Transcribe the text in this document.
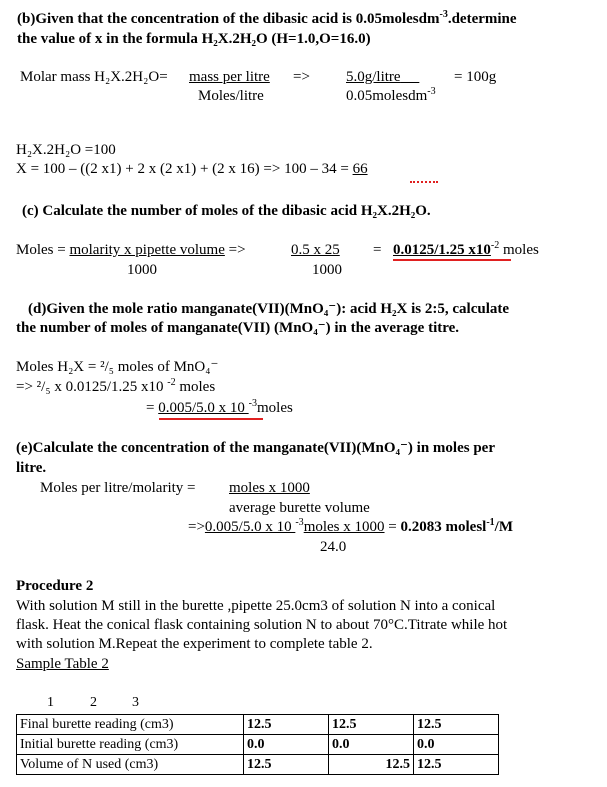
(b)Given that the concentration of the dibasic acid is 0.05molesdm$^{-3}$.determine
the value of x in the formula H₂X.2H₂O (H=1.0,O=16.0)
Molar mass H₂X.2H₂O= mass per litre
Moles/litre
=> 5.0g/litre
0.05molesdm$^{-3}$
= 100g
H₂X.2H₂O =100
X = 100 – ((2 x1) + 2 x (2 x1) + (2 x 16) => 100 – 34 = 66
(c) Calculate the number of moles of the dibasic acid H₂X.2H₂O.
Moles = molarity x pipette volume =>	0.5 x 25
1000	1000
= 0.0125/1.25 $x10^{-2}$ moles
(d)Given the mole ratio manganate(VII)(MnO₄⁻): acid H₂X is 2:5, calculate
the number of moles of manganate(VII) (MnO₄⁻) in the average titre.
Moles H₂X = ²/₅ moles of MnO₄⁻
=> ²/₅ x 0.0125/1.25 x10 $^{-2}$ moles
= 0.005/5.0 x 10 $^{-3}$moles
(e)Calculate the concentration of the manganate(VII)(MnO₄⁻) in moles per
litre.
Moles per litre/molarity = moles x 1000
average burette volume
=>0.005/5.0 x 10 $^{-3}$moles x 1000 = 0.2083 molesl$^{-1}$/M
24.0
Procedure 2
With solution M still in the burette ,pipette 25.0cm3 of solution N into a conical
flask. Heat the conical flask containing solution N to about 70°C.Titrate while hot
with solution M.Repeat the experiment to complete table 2.
Sample Table 2
1	2	3
Final burette reading (cm3)	12.5	12.5	12.5
Initial burette reading (cm3)	0.0	0.0	0.0
Volume of N used (cm3)	12.5	12.5	12.5
